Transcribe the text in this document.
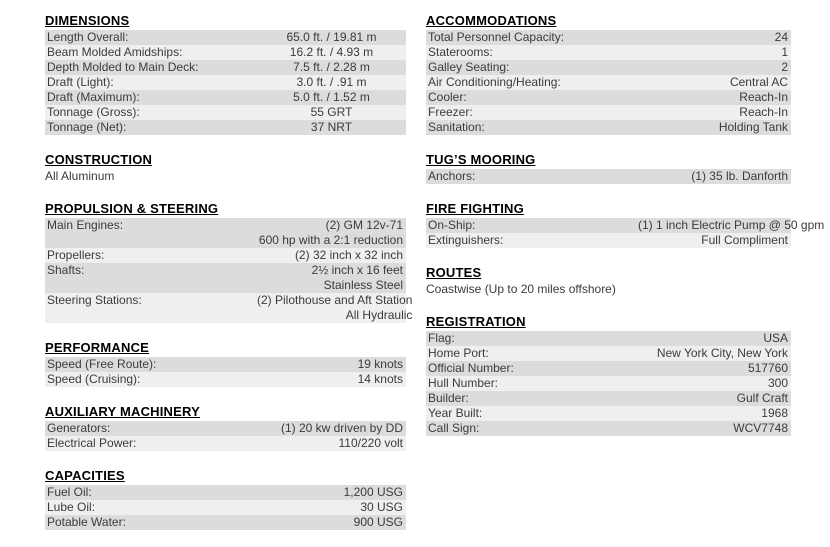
DIMENSIONS
Length Overall:	65.0 ft. / 19.81 m
Beam Molded Amidships:	16.2 ft. / 4.93 m
Depth Molded to Main Deck:	7.5 ft. / 2.28 m
Draft (Light):	3.0 ft. / .91 m
Draft (Maximum):	5.0 ft. / 1.52 m
Tonnage (Gross):	55 GRT
Tonnage (Net):	37 NRT
CONSTRUCTION
All Aluminum
PROPULSION & STEERING
Main Engines:	(2) GM 12v-71
600 hp with a 2:1 reduction
Propellers:	(2) 32 inch x 32 inch
Shafts:	2½ inch x 16 feet
Stainless Steel
Steering Stations:	(2) Pilothouse and Aft Station
All Hydraulic
PERFORMANCE
Speed (Free Route):	19 knots
Speed (Cruising):	14 knots
AUXILIARY MACHINERY
Generators:	(1) 20 kw driven by DD
Electrical Power:	110/220 volt
CAPACITIES
Fuel Oil:	1,200 USG
Lube Oil:	30 USG
Potable Water:	900 USG
ACCOMMODATIONS
Total Personnel Capacity:	24
Staterooms:	1
Galley Seating:	2
Air Conditioning/Heating:	Central AC
Cooler:	Reach-In
Freezer:	Reach-In
Sanitation:	Holding Tank
TUG’S MOORING
Anchors:	(1) 35 lb. Danforth
FIRE FIGHTING
On-Ship:	(1) 1 inch Electric Pump @ 50 gpm
Extinguishers:	Full Compliment
ROUTES
Coastwise (Up to 20 miles offshore)
REGISTRATION
Flag:	USA
Home Port:	New York City, New York
Official Number:	517760
Hull Number:	300
Builder:	Gulf Craft
Year Built:	1968
Call Sign:	WCV7748
